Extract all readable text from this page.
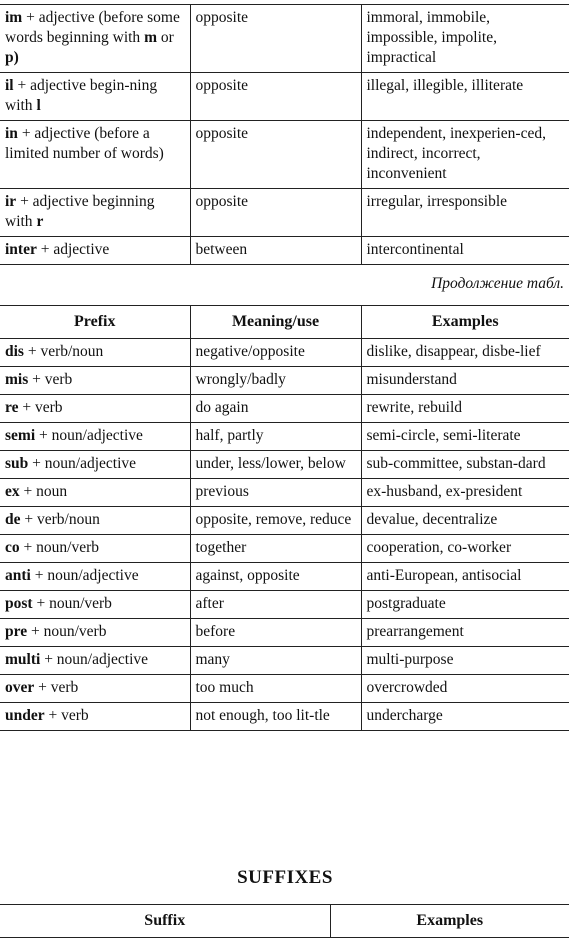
im + adjective (before some words beginning with m or p)	opposite	immoral, immobile, impossible, impolite, impractical
il + adjective begin-ning with l	opposite	illegal, illegible, illiterate
in + adjective (before a limited number of words)	opposite	independent, inexperien-ced, indirect, incorrect, inconvenient
ir + adjective beginning with r	opposite	irregular, irresponsible
inter + adjective	between	intercontinental
Продолжение табл.
Prefix	Meaning/use	Examples
dis + verb/noun	negative/opposite	dislike, disappear, disbe-lief
mis + verb	wrongly/badly	misunderstand
re + verb	do again	rewrite, rebuild
semi + noun/adjective	half, partly	semi-circle, semi-literate
sub + noun/adjective	under, less/lower, below	sub-committee, substan-dard
ex + noun	previous	ex-husband, ex-president
de + verb/noun	opposite, remove, reduce	devalue, decentralize
co + noun/verb	together	cooperation, co-worker
anti + noun/adjective	against, opposite	anti-European, antisocial
post + noun/verb	after	postgraduate
pre + noun/verb	before	prearrangement
multi + noun/adjective	many	multi-purpose
over + verb	too much	overcrowded
under + verb	not enough, too lit-tle	undercharge
SUFFIXES
Suffix	Examples
